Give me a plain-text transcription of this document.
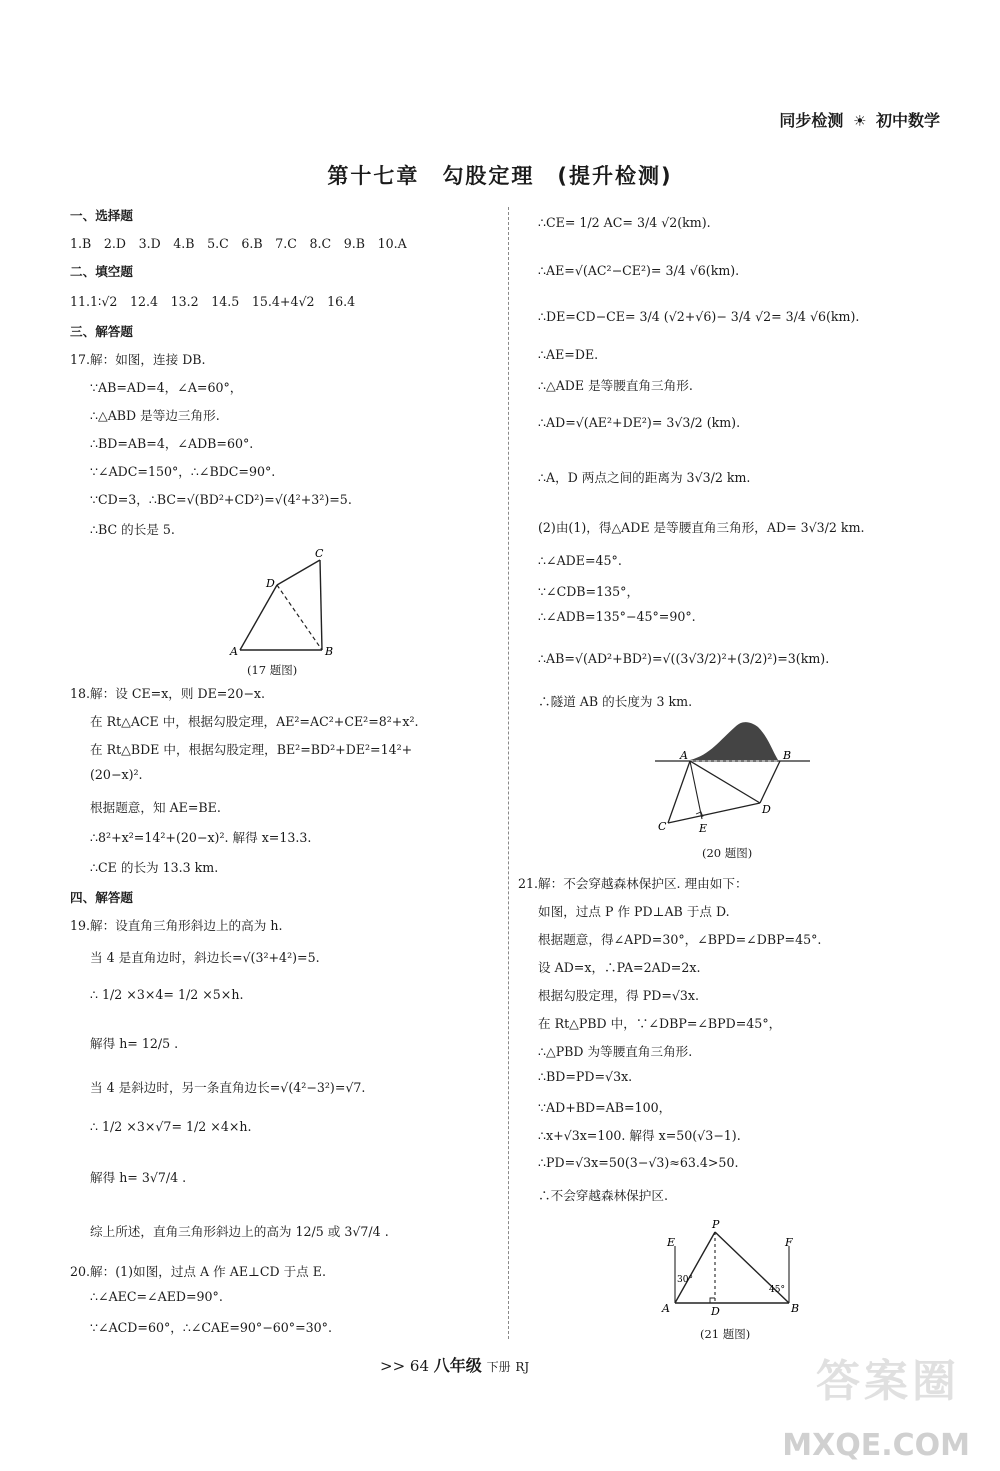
同步检测 ☀ 初中数学
第十七章　勾股定理　(提升检测)
一、选择题
1.B　2.D　3.D　4.B　5.C　6.B　7.C　8.C　9.B　10.A
二、填空题
11.1∶√2　12.4　13.2　14.5　15.4+4√2　16.4
三、解答题
17.解：如图，连接 DB.
∵AB=AD=4，∠A=60°，
∴△ABD 是等边三角形.
∴BD=AB=4，∠ADB=60°.
∵∠ADC=150°，∴∠BDC=90°.
∵CD=3，∴BC=√(BD²+CD²)=√(4²+3²)=5.
∴BC 的长是 5.
18.解：设 CE=x，则 DE=20−x.
在 Rt△ACE 中，根据勾股定理，AE²=AC²+CE²=8²+x².
在 Rt△BDE 中，根据勾股定理，BE²=BD²+DE²=14²+
(20−x)².
根据题意，知 AE=BE.
∴8²+x²=14²+(20−x)². 解得 x=13.3.
∴CE 的长为 13.3 km.
四、解答题
19.解：设直角三角形斜边上的高为 h.
当 4 是直角边时，斜边长=√(3²+4²)=5.
∴ 1/2 ×3×4= 1/2 ×5×h.
解得 h= 12/5 .
当 4 是斜边时，另一条直角边长=√(4²−3²)=√7.
∴ 1/2 ×3×√7= 1/2 ×4×h.
解得 h= 3√7/4 .
综上所述，直角三角形斜边上的高为 12/5 或 3√7/4 .
20.解：(1)如图，过点 A 作 AE⊥CD 于点 E.
∴∠AEC=∠AED=90°.
∵∠ACD=60°，∴∠CAE=90°−60°=30°.
C
D
A	B
(17 题图)
∴CE= 1/2 AC= 3/4 √2(km).
∴AE=√(AC²−CE²)= 3/4 √6(km).
∴DE=CD−CE= 3/4 (√2+√6)− 3/4 √2= 3/4 √6(km).
∴AE=DE.
∴△ADE 是等腰直角三角形.
∴AD=√(AE²+DE²)= 3√3/2 (km).
∴A，D 两点之间的距离为 3√3/2 km.
(2)由(1)，得△ADE 是等腰直角三角形，AD= 3√3/2 km.
∴∠ADE=45°.
∵∠CDB=135°，
∴∠ADB=135°−45°=90°.
∴AB=√(AD²+BD²)=√((3√3/2)²+(3/2)²)=3(km).
∴隧道 AB 的长度为 3 km.
21.解：不会穿越森林保护区. 理由如下：
如图，过点 P 作 PD⊥AB 于点 D.
根据题意，得∠APD=30°，∠BPD=∠DBP=45°.
设 AD=x，∴PA=2AD=2x.
根据勾股定理，得 PD=√3x.
在 Rt△PBD 中，∵∠DBP=∠BPD=45°，
∴△PBD 为等腰直角三角形.
∴BD=PD=√3x.
∵AD+BD=AB=100，
∴x+√3x=100. 解得 x=50(√3−1).
∴PD=√3x=50(3−√3)≈63.4>50.
∴不会穿越森林保护区.
A	B
D
C	E
(20 题图)
P
E	F
A	D	B
30°
45°
(21 题图)
>> 64 八年级 下册 RJ	答案圈
MXQE.COM
